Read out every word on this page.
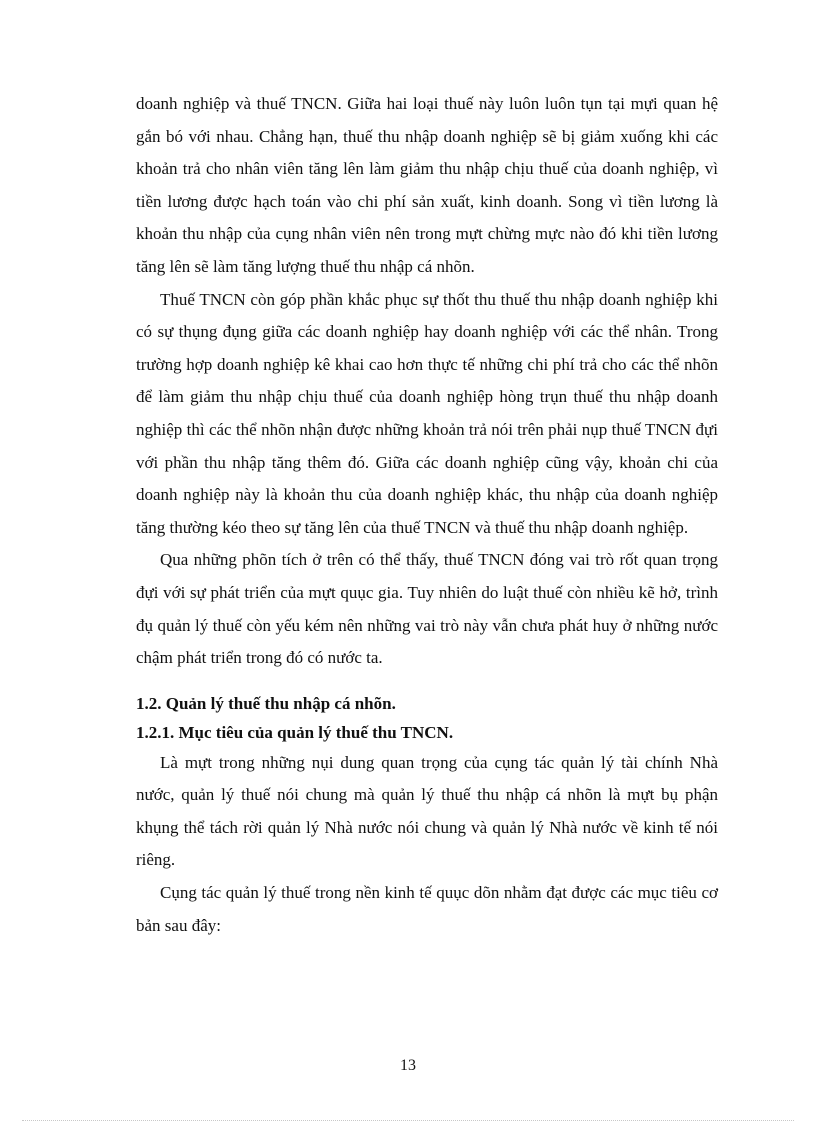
doanh nghiệp và thuế TNCN. Giữa hai loại thuế này luôn luôn tụn tại mựi quan hệ gắn bó với nhau. Chẳng hạn, thuế thu nhập doanh nghiệp sẽ bị giảm xuống khi các khoản trả cho nhân viên tăng lên làm giảm thu nhập chịu thuế của doanh nghiệp, vì tiền lương được hạch toán vào chi phí sản xuất, kinh doanh. Song vì tiền lương là khoản thu nhập của cụng nhân viên nên trong mựt chừng mực nào đó khi tiền lương tăng lên sẽ làm tăng lượng thuế thu nhập cá nhõn.

Thuế TNCN còn góp phần khắc phục sự thốt thu thuế thu nhập doanh nghiệp khi có sự thụng đụng giữa các doanh nghiệp hay doanh nghiệp với các thể nhân. Trong trường hợp doanh nghiệp kê khai cao hơn thực tế những chi phí trả cho các thể nhõn để làm giảm thu nhập chịu thuế của doanh nghiệp hòng trụn thuế thu nhập doanh nghiệp thì các thể nhõn nhận được những khoản trả nói trên phải nụp thuế TNCN đựi với phần thu nhập tăng thêm đó. Giữa các doanh nghiệp cũng vậy, khoản chi của doanh nghiệp này là khoản thu của doanh nghiệp khác, thu nhập của doanh nghiệp tăng thường kéo theo sự tăng lên của thuế TNCN và thuế thu nhập doanh nghiệp.

Qua những phõn tích ở trên có thể thấy, thuế TNCN đóng vai trò rốt quan trọng đựi với sự phát triển của mựt quục gia. Tuy nhiên do luật thuế còn nhiều kẽ hở, trình đụ quản lý thuế còn yếu kém nên những vai trò này vẫn chưa phát huy ở những nước chậm phát triển trong đó có nước ta.

1.2. Quản lý thuế thu nhập cá nhõn.
1.2.1. Mục tiêu của quản lý thuế thu TNCN.

Là mựt trong những nụi dung quan trọng của cụng tác quản lý tài chính Nhà nước, quản lý thuế nói chung mà quản lý thuế thu nhập cá nhõn là mựt bụ phận khụng thể tách rời quản lý Nhà nước nói chung và quản lý Nhà nước về kinh tế nói riêng.

Cụng tác quản lý thuế trong nền kinh tế quục dõn nhằm đạt được các mục tiêu cơ bản sau đây:

13
